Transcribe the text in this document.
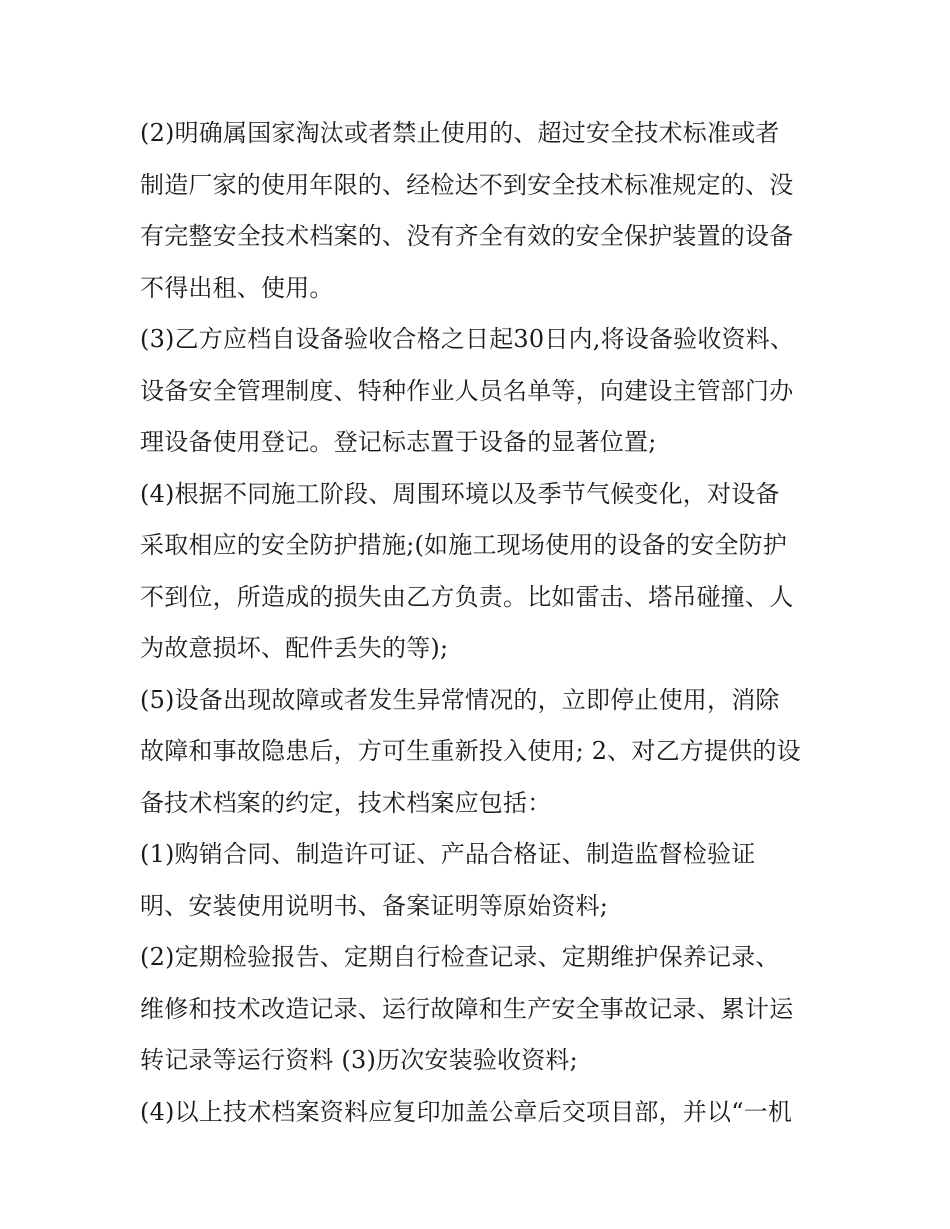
(2)明确属国家淘汰或者禁止使用的、超过安全技术标准或者
制造厂家的使用年限的、经检达不到安全技术标准规定的、没
有完整安全技术档案的、没有齐全有效的安全保护装置的设备
不得出租、使用。
(3)乙方应档自设备验收合格之日起30日内,将设备验收资料、
设备安全管理制度、特种作业人员名单等，向建设主管部门办
理设备使用登记。登记标志置于设备的显著位置;
(4)根据不同施工阶段、周围环境以及季节气候变化，对设备
采取相应的安全防护措施;(如施工现场使用的设备的安全防护
不到位，所造成的损失由乙方负责。比如雷击、塔吊碰撞、人
为故意损坏、配件丢失的等);
(5)设备出现故障或者发生异常情况的，立即停止使用，消除
故障和事故隐患后，方可生重新投入使用; 2、对乙方提供的设
备技术档案的约定，技术档案应包括：
(1)购销合同、制造许可证、产品合格证、制造监督检验证
明、安装使用说明书、备案证明等原始资料;
(2)定期检验报告、定期自行检查记录、定期维护保养记录、
维修和技术改造记录、运行故障和生产安全事故记录、累计运
转记录等运行资料 (3)历次安装验收资料;
(4)以上技术档案资料应复印加盖公章后交项目部，并以“一机
